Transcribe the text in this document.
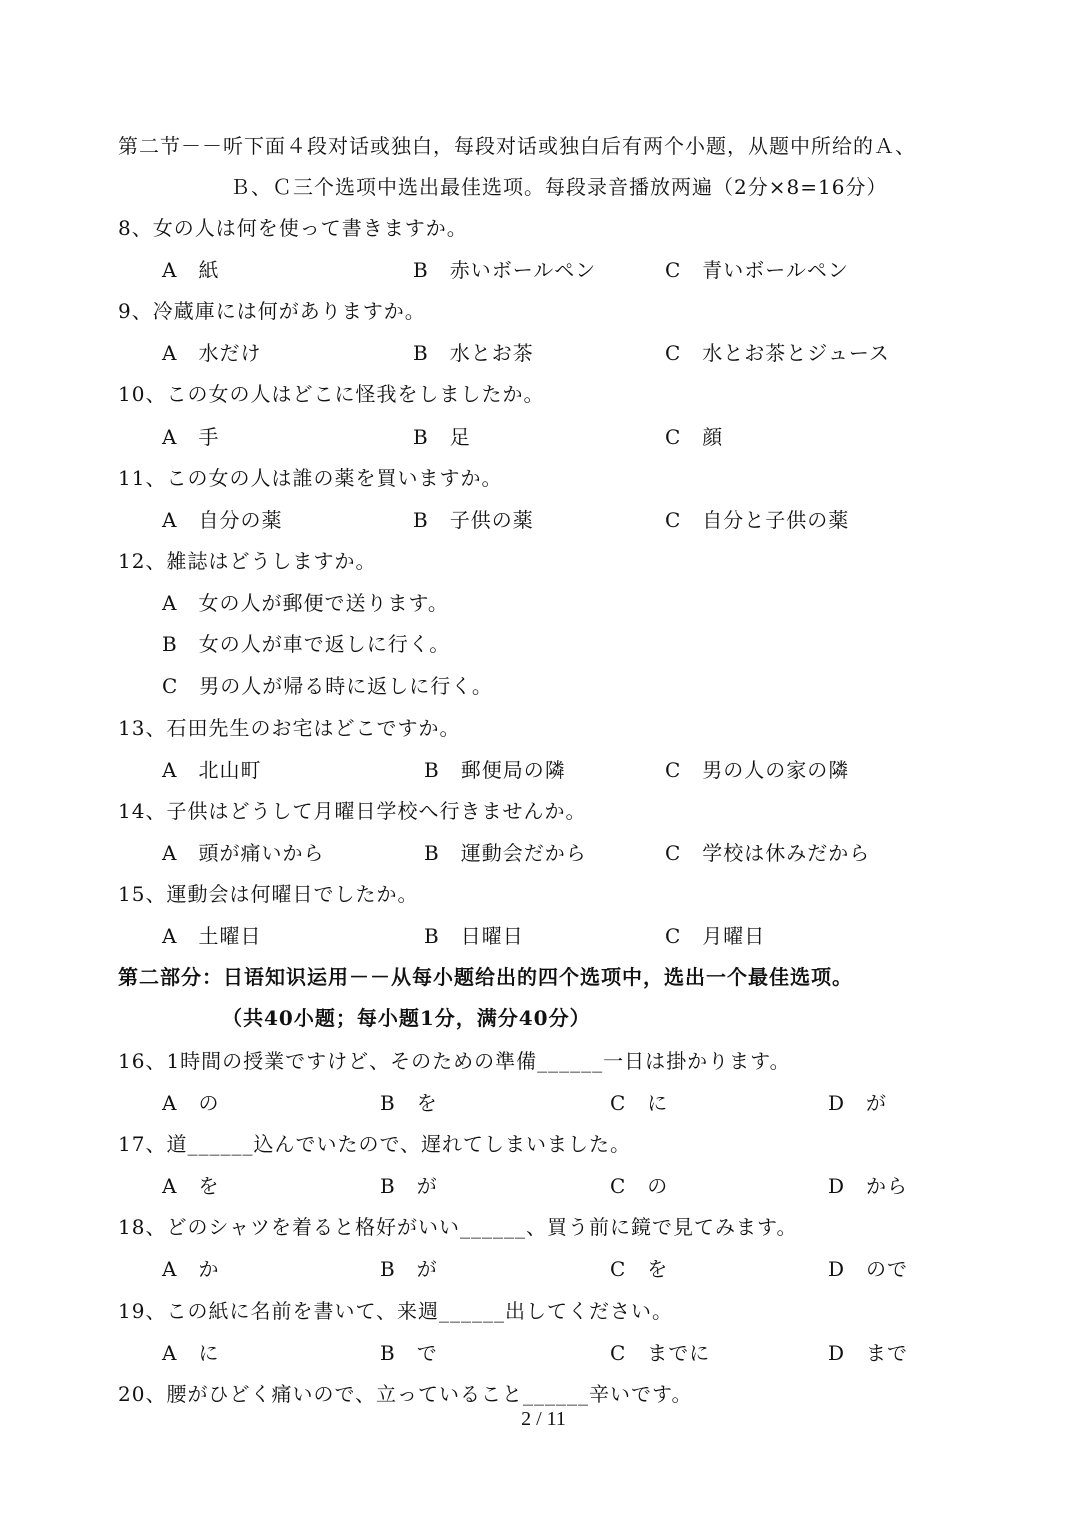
第二节－－听下面４段对话或独白，每段对话或独白后有两个小题，从题中所给的Ａ、
Ｂ、Ｃ三个选项中选出最佳选项。每段录音播放两遍（2分×8=16分）
8、女の人は何を使って書きますか。
A　紙	B　赤いボールペン	C　青いボールペン
9、冷蔵庫には何がありますか。
A　水だけ	B　水とお茶	C　水とお茶とジュース
10、この女の人はどこに怪我をしましたか。
A　手	B　足	C　顔
11、この女の人は誰の薬を買いますか。
A　自分の薬	B　子供の薬	C　自分と子供の薬
12、雑誌はどうしますか。
A　女の人が郵便で送ります。
B　女の人が車で返しに行く。
C　男の人が帰る時に返しに行く。
13、石田先生のお宅はどこですか。
A　北山町	B　郵便局の隣	C　男の人の家の隣
14、子供はどうして月曜日学校へ行きませんか。
A　頭が痛いから	B　運動会だから	C　学校は休みだから
15、運動会は何曜日でしたか。
A　土曜日	B　日曜日	C　月曜日
第二部分：日语知识运用－－从每小题给出的四个选项中，选出一个最佳选项。
（共40小题；每小题1分，满分40分）
16、1時間の授業ですけど、そのための準備______一日は掛かります。
A　の	B　を	C　に	D　が
17、道______込んでいたので、遅れてしまいました。
A　を	B　が	C　の	D　から
18、どのシャツを着ると格好がいい______、買う前に鏡で見てみます。
A　か	B　が	C　を	D　ので
19、この紙に名前を書いて、来週______出してください。
A　に	B　で	C　までに	D　まで
20、腰がひどく痛いので、立っていること______辛いです。
2 / 11
